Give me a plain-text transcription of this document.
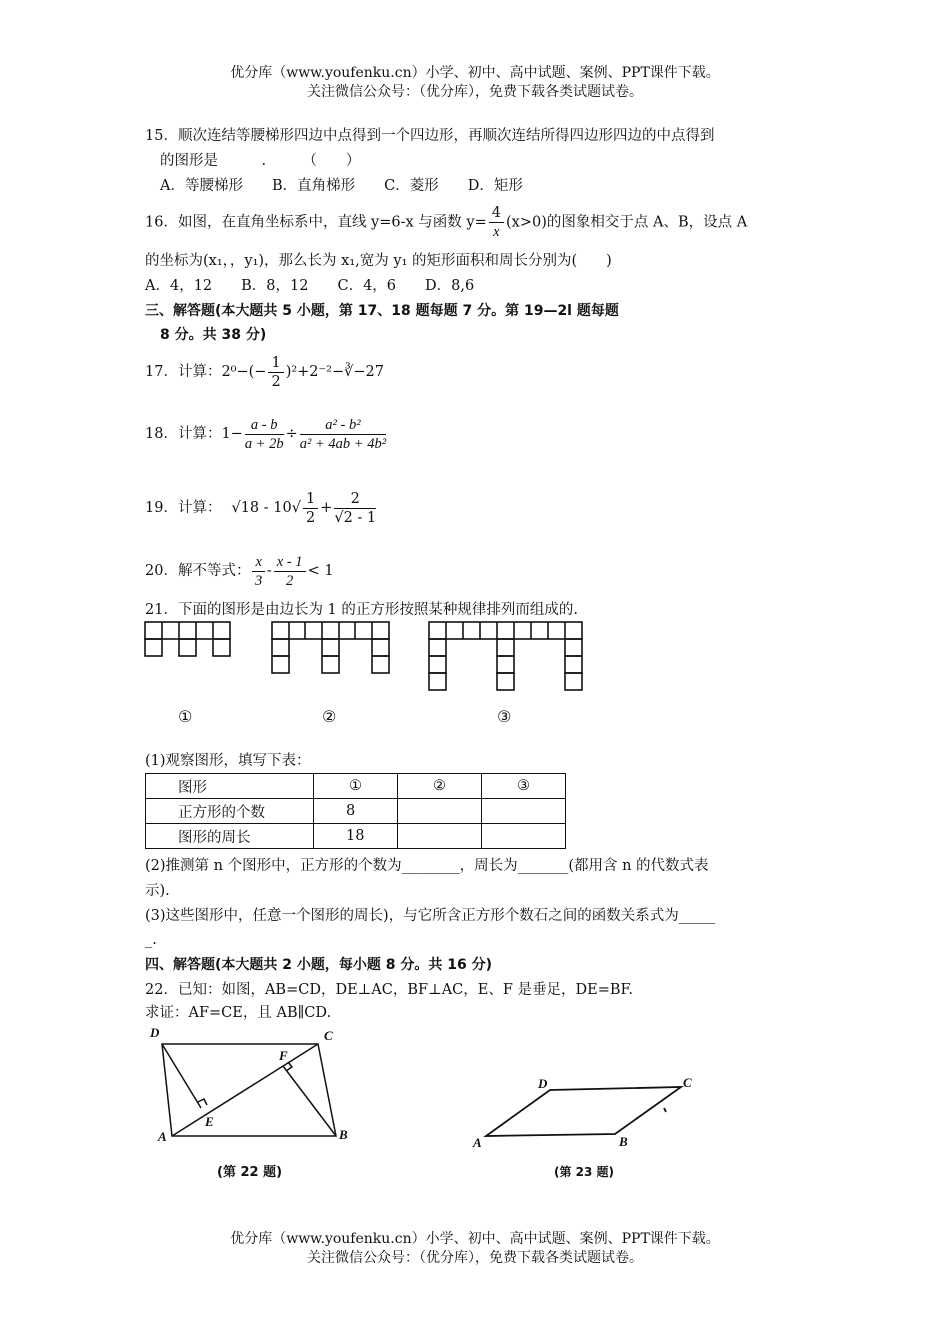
优分库（www.youfenku.cn）小学、初中、高中试题、案例、PPT课件下载。
关注微信公众号：（优分库），免费下载各类试题试卷。
15．顺次连结等腰梯形四边中点得到一个四边形，再顺次连结所得四边形四边的中点得到
的图形是　　　.　　　（　　）
A．等腰梯形　　B．直角梯形　　C．菱形　　D．矩形
16．如图，在直角坐标系中，直线 y=6-x 与函数 $y= \frac{4}{x} (x>0)$的图象相交于点 A、B，设点 A
的坐标为(x₁，，y₁)，那么长为 x₁,宽为 y₁ 的矩形面积和周长分别为(　　)
A．4，12　　B．8，12　　C．4，6　　D．8,6
三、解答题(本大题共 5 小题，第 17、18 题每题 7 分。第 19—2l 题每题
8 分。共 38 分)
17．计算：$2^0-(- \frac{1}{2}$ )²+2⁻²−∛−27
18．计算：$1- \frac{a - b}{a + 2b} \div \frac{\text{a² - b²}}{\text{a² + 4ab + 4b²}}$
19．计算： $√18 - 10√ \frac{1}{2} + \frac{2}{√2 - 1}$
20．解不等式： $\frac{x}{3} - \frac{x - 1}{2} < 1$
21．下面的图形是由边长为 1 的正方形按照某种规律排列而组成的.
①	②	③
(1)观察图形，填写下表：
图形	①	②	③
正方形的个数	8		
图形的周长	18		
(2)推测第 n 个图形中，正方形的个数为________，周长为_______(都用含 n 的代数式表
示).
(3)这些图形中，任意一个图形的周长)，与它所含正方形个数石之间的函数关系式为_____
_.
四、解答题(本大题共 2 小题，每小题 8 分。共 16 分)
22．已知：如图，AB=CD，DE⊥AC，BF⊥AC，E、F 是垂足，DE=BF.
求证：AF=CE，且 AB∥CD.
D	C
F
E
A	B
(第 22 题)
D	C
A	B
(第 23 题)
优分库（www.youfenku.cn）小学、初中、高中试题、案例、PPT课件下载。
关注微信公众号：（优分库），免费下载各类试题试卷。
